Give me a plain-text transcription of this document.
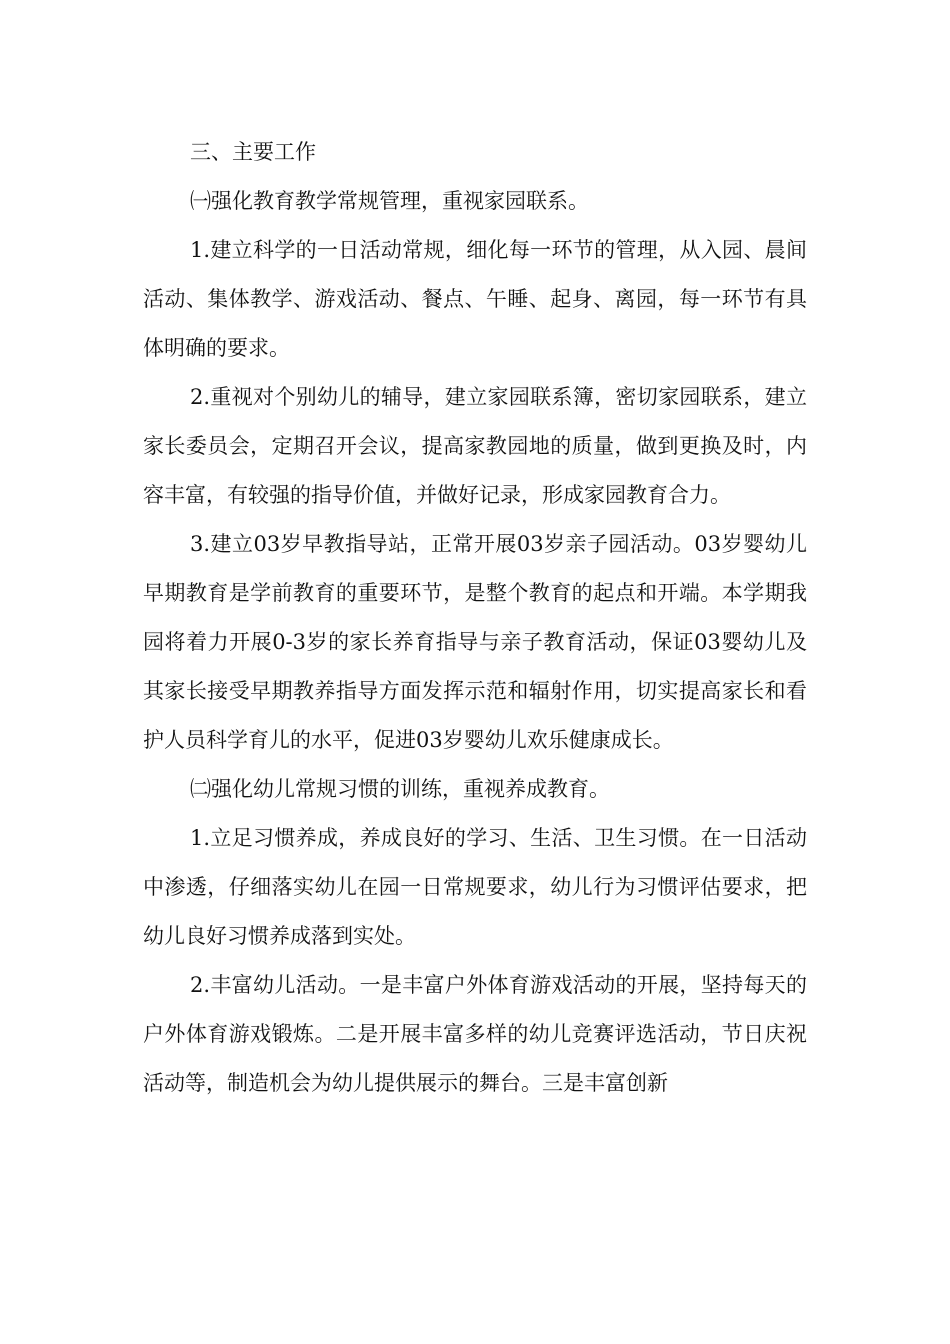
三、主要工作

㈠强化教育教学常规管理，重视家园联系。

1.建立科学的一日活动常规，细化每一环节的管理，从入园、晨间活动、集体教学、游戏活动、餐点、午睡、起身、离园，每一环节有具体明确的要求。

2.重视对个别幼儿的辅导，建立家园联系簿，密切家园联系，建立家长委员会，定期召开会议，提高家教园地的质量，做到更换及时，内容丰富，有较强的指导价值，并做好记录，形成家园教育合力。

3.建立03岁早教指导站，正常开展03岁亲子园活动。03岁婴幼儿早期教育是学前教育的重要环节，是整个教育的起点和开端。本学期我园将着力开展0-3岁的家长养育指导与亲子教育活动，保证03婴幼儿及其家长接受早期教养指导方面发挥示范和辐射作用，切实提高家长和看护人员科学育儿的水平，促进03岁婴幼儿欢乐健康成长。

㈡强化幼儿常规习惯的训练，重视养成教育。

1.立足习惯养成，养成良好的学习、生活、卫生习惯。在一日活动中渗透，仔细落实幼儿在园一日常规要求，幼儿行为习惯评估要求，把幼儿良好习惯养成落到实处。

2.丰富幼儿活动。一是丰富户外体育游戏活动的开展，坚持每天的户外体育游戏锻炼。二是开展丰富多样的幼儿竞赛评选活动，节日庆祝活动等，制造机会为幼儿提供展示的舞台。三是丰富创新
